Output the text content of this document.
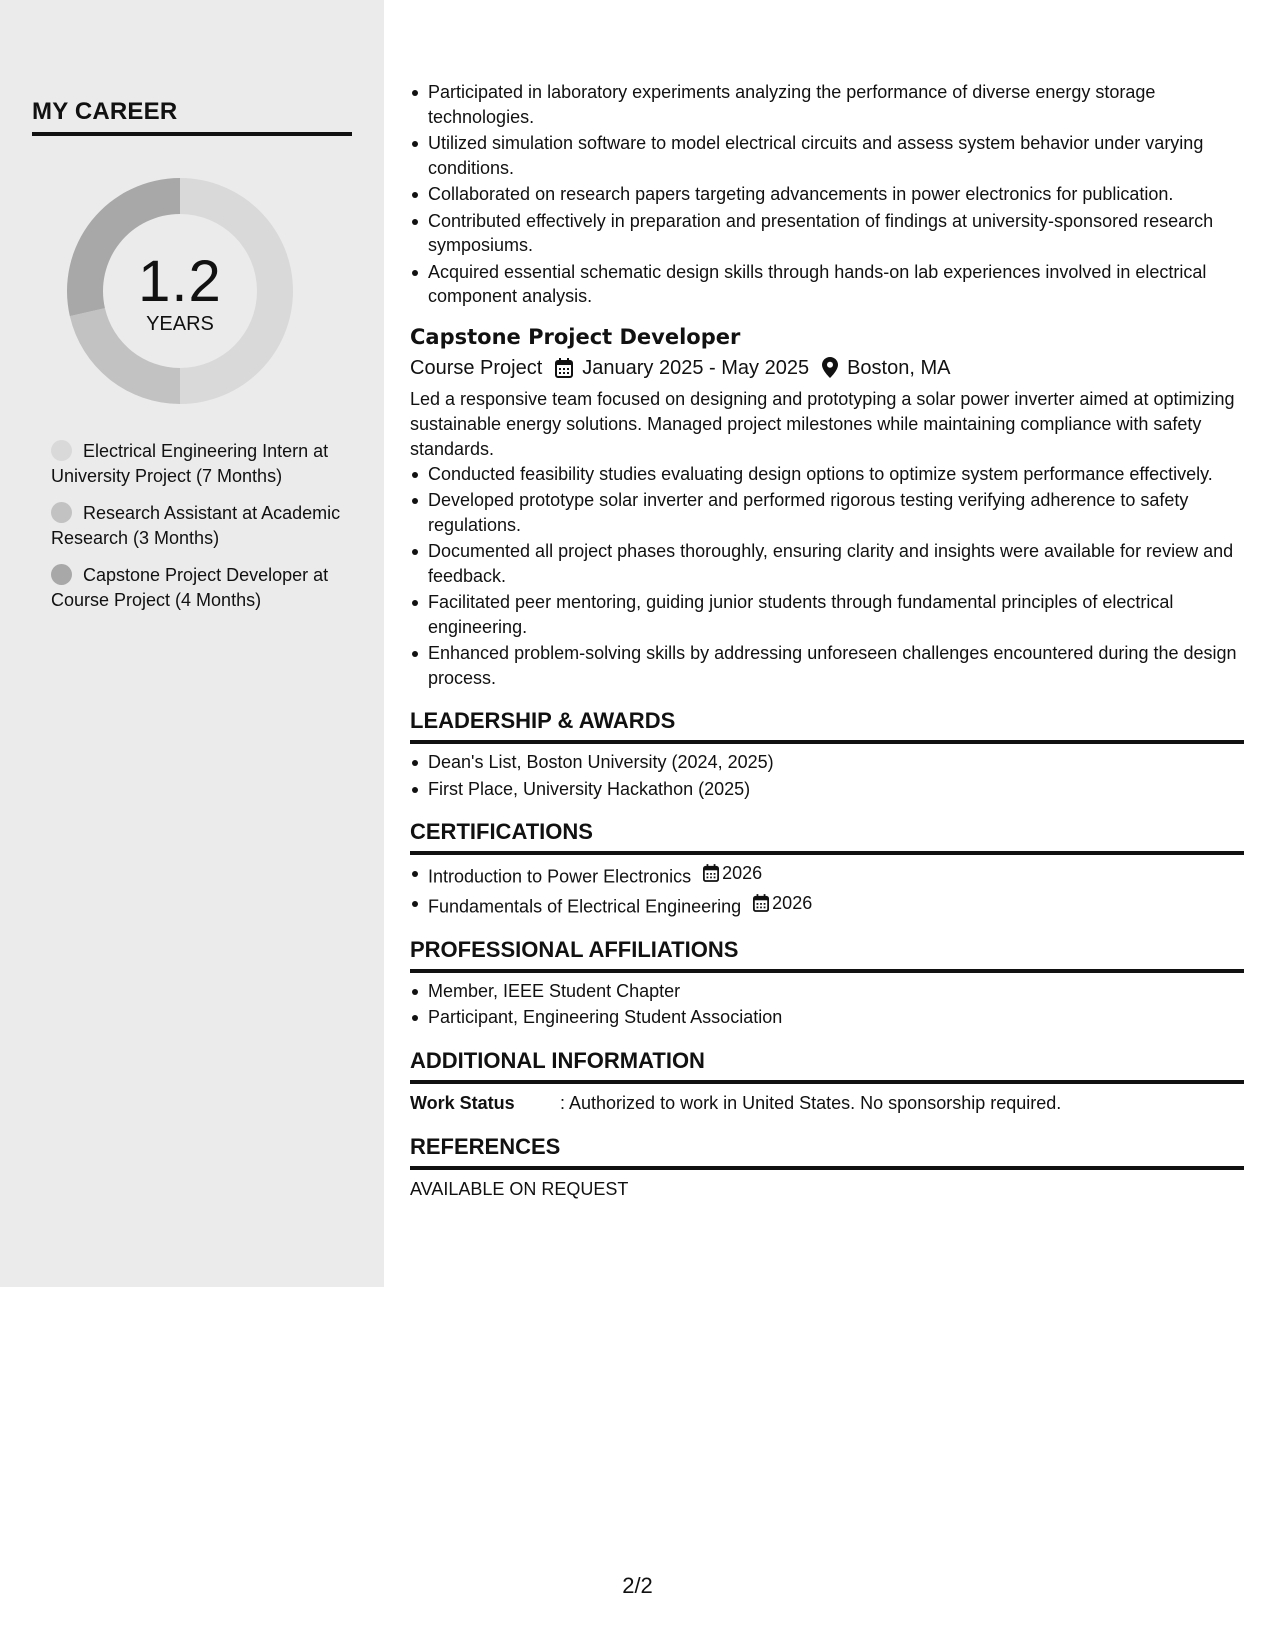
MY CAREER
1.2
YEARS
Electrical Engineering Intern at University Project (7 Months)
Research Assistant at Academic Research (3 Months)
Capstone Project Developer at Course Project (4 Months)
Participated in laboratory experiments analyzing the performance of diverse energy storage technologies.
Utilized simulation software to model electrical circuits and assess system behavior under varying conditions.
Collaborated on research papers targeting advancements in power electronics for publication.
Contributed effectively in preparation and presentation of findings at university-sponsored research symposiums.
Acquired essential schematic design skills through hands-on lab experiences involved in electrical component analysis.
Capstone Project Developer
Course Project January 2025 - May 2025 Boston, MA
Led a responsive team focused on designing and prototyping a solar power inverter aimed at optimizing sustainable energy solutions. Managed project milestones while maintaining compliance with safety standards.
Conducted feasibility studies evaluating design options to optimize system performance effectively.
Developed prototype solar inverter and performed rigorous testing verifying adherence to safety regulations.
Documented all project phases thoroughly, ensuring clarity and insights were available for review and feedback.
Facilitated peer mentoring, guiding junior students through fundamental principles of electrical engineering.
Enhanced problem-solving skills by addressing unforeseen challenges encountered during the design process.
LEADERSHIP & AWARDS
Dean's List, Boston University (2024, 2025)
First Place, University Hackathon (2025)
CERTIFICATIONS
Introduction to Power Electronics 2026
Fundamentals of Electrical Engineering 2026
PROFESSIONAL AFFILIATIONS
Member, IEEE Student Chapter
Participant, Engineering Student Association
ADDITIONAL INFORMATION
Work Status	: Authorized to work in United States. No sponsorship required.
REFERENCES
AVAILABLE ON REQUEST
2/2
